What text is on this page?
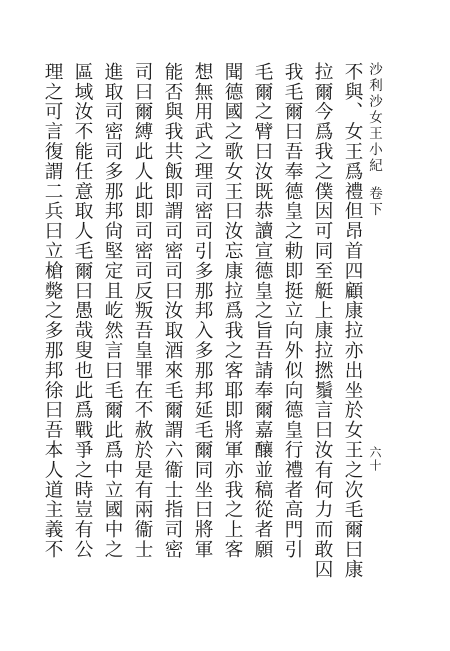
沙利沙女王小紀卷下
六十
不與、女王爲禮但昂首四顧康拉亦出坐於女王之次毛爾曰康
拉爾今爲我之僕因可同至艇上康拉撚鬚言曰汝有何力而敢囚
我毛爾曰吾奉德皇之勅即挺立向外似向德皇行禮者高門引
毛爾之臂曰汝既恭讀宣德皇之旨吾請奉爾嘉釀並稿從者願
聞德國之歌女王曰汝忘康拉爲我之客耶即將軍亦我之上客
想無用武之理司密司引多那邦入多那邦延毛爾同坐曰將軍
能否與我共飯即謂司密司曰汝取酒來毛爾謂六衞士指司密
司曰爾縛此人此即司密司反叛吾皇罪在不赦於是有兩衞士
進取司密司多那邦尙堅定且屹然言曰毛爾此爲中立國中之
區域汝不能任意取人毛爾曰愚哉叟也此爲戰爭之時豈有公
理之可言復謂二兵曰立槍斃之多那邦徐曰吾本人道主義不
